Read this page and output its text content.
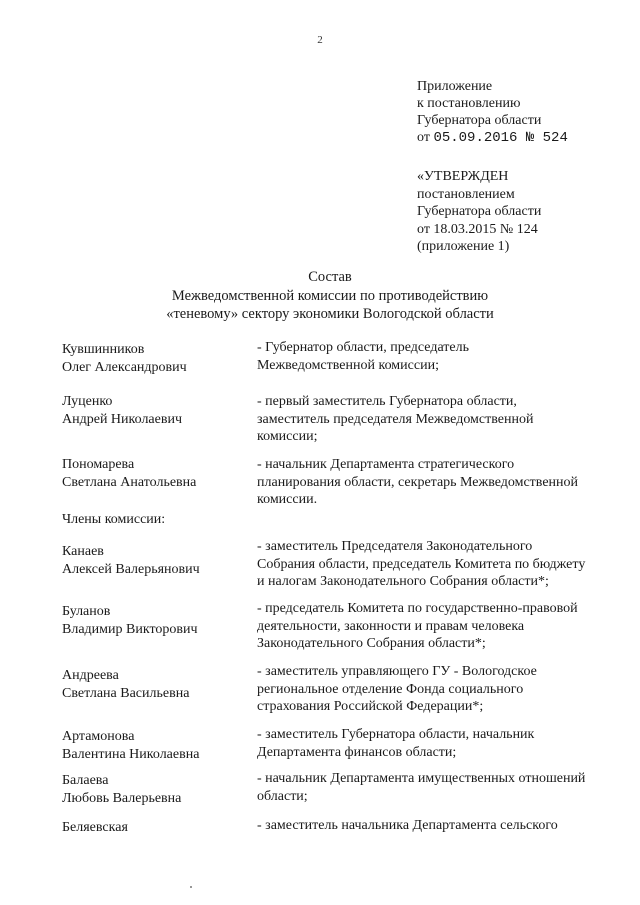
2
Приложение
к постановлению
Губернатора области
от 05.09.2016 № 524
«УТВЕРЖДЕН
постановлением
Губернатора области
от 18.03.2015 № 124
(приложение 1)
Состав
Межведомственной комиссии по противодействию
«теневому» сектору экономики Вологодской области
Кувшинников
Олег Александрович
- Губернатор области, председатель
Межведомственной комиссии;
Луценко
Андрей Николаевич
- первый заместитель Губернатора области,
заместитель председателя Межведомственной
комиссии;
Пономарева
Светлана Анатольевна
- начальник Департамента стратегического
планирования области, секретарь Межведомственной
комиссии.
Члены комиссии:
Канаев
Алексей Валерьянович
- заместитель Председателя Законодательного
Собрания области, председатель Комитета по бюджету
и налогам Законодательного Собрания области*;
Буланов
Владимир Викторович
- председатель Комитета по государственно-правовой
деятельности, законности и правам человека
Законодательного Собрания области*;
Андреева
Светлана Васильевна
- заместитель управляющего ГУ - Вологодское
региональное отделение Фонда социального
страхования Российской Федерации*;
Артамонова
Валентина Николаевна
- заместитель Губернатора области, начальник
Департамента финансов области;
Балаева
Любовь Валерьевна
- начальник Департамента имущественных отношений
области;
Беляевская	- заместитель начальника Департамента сельского
